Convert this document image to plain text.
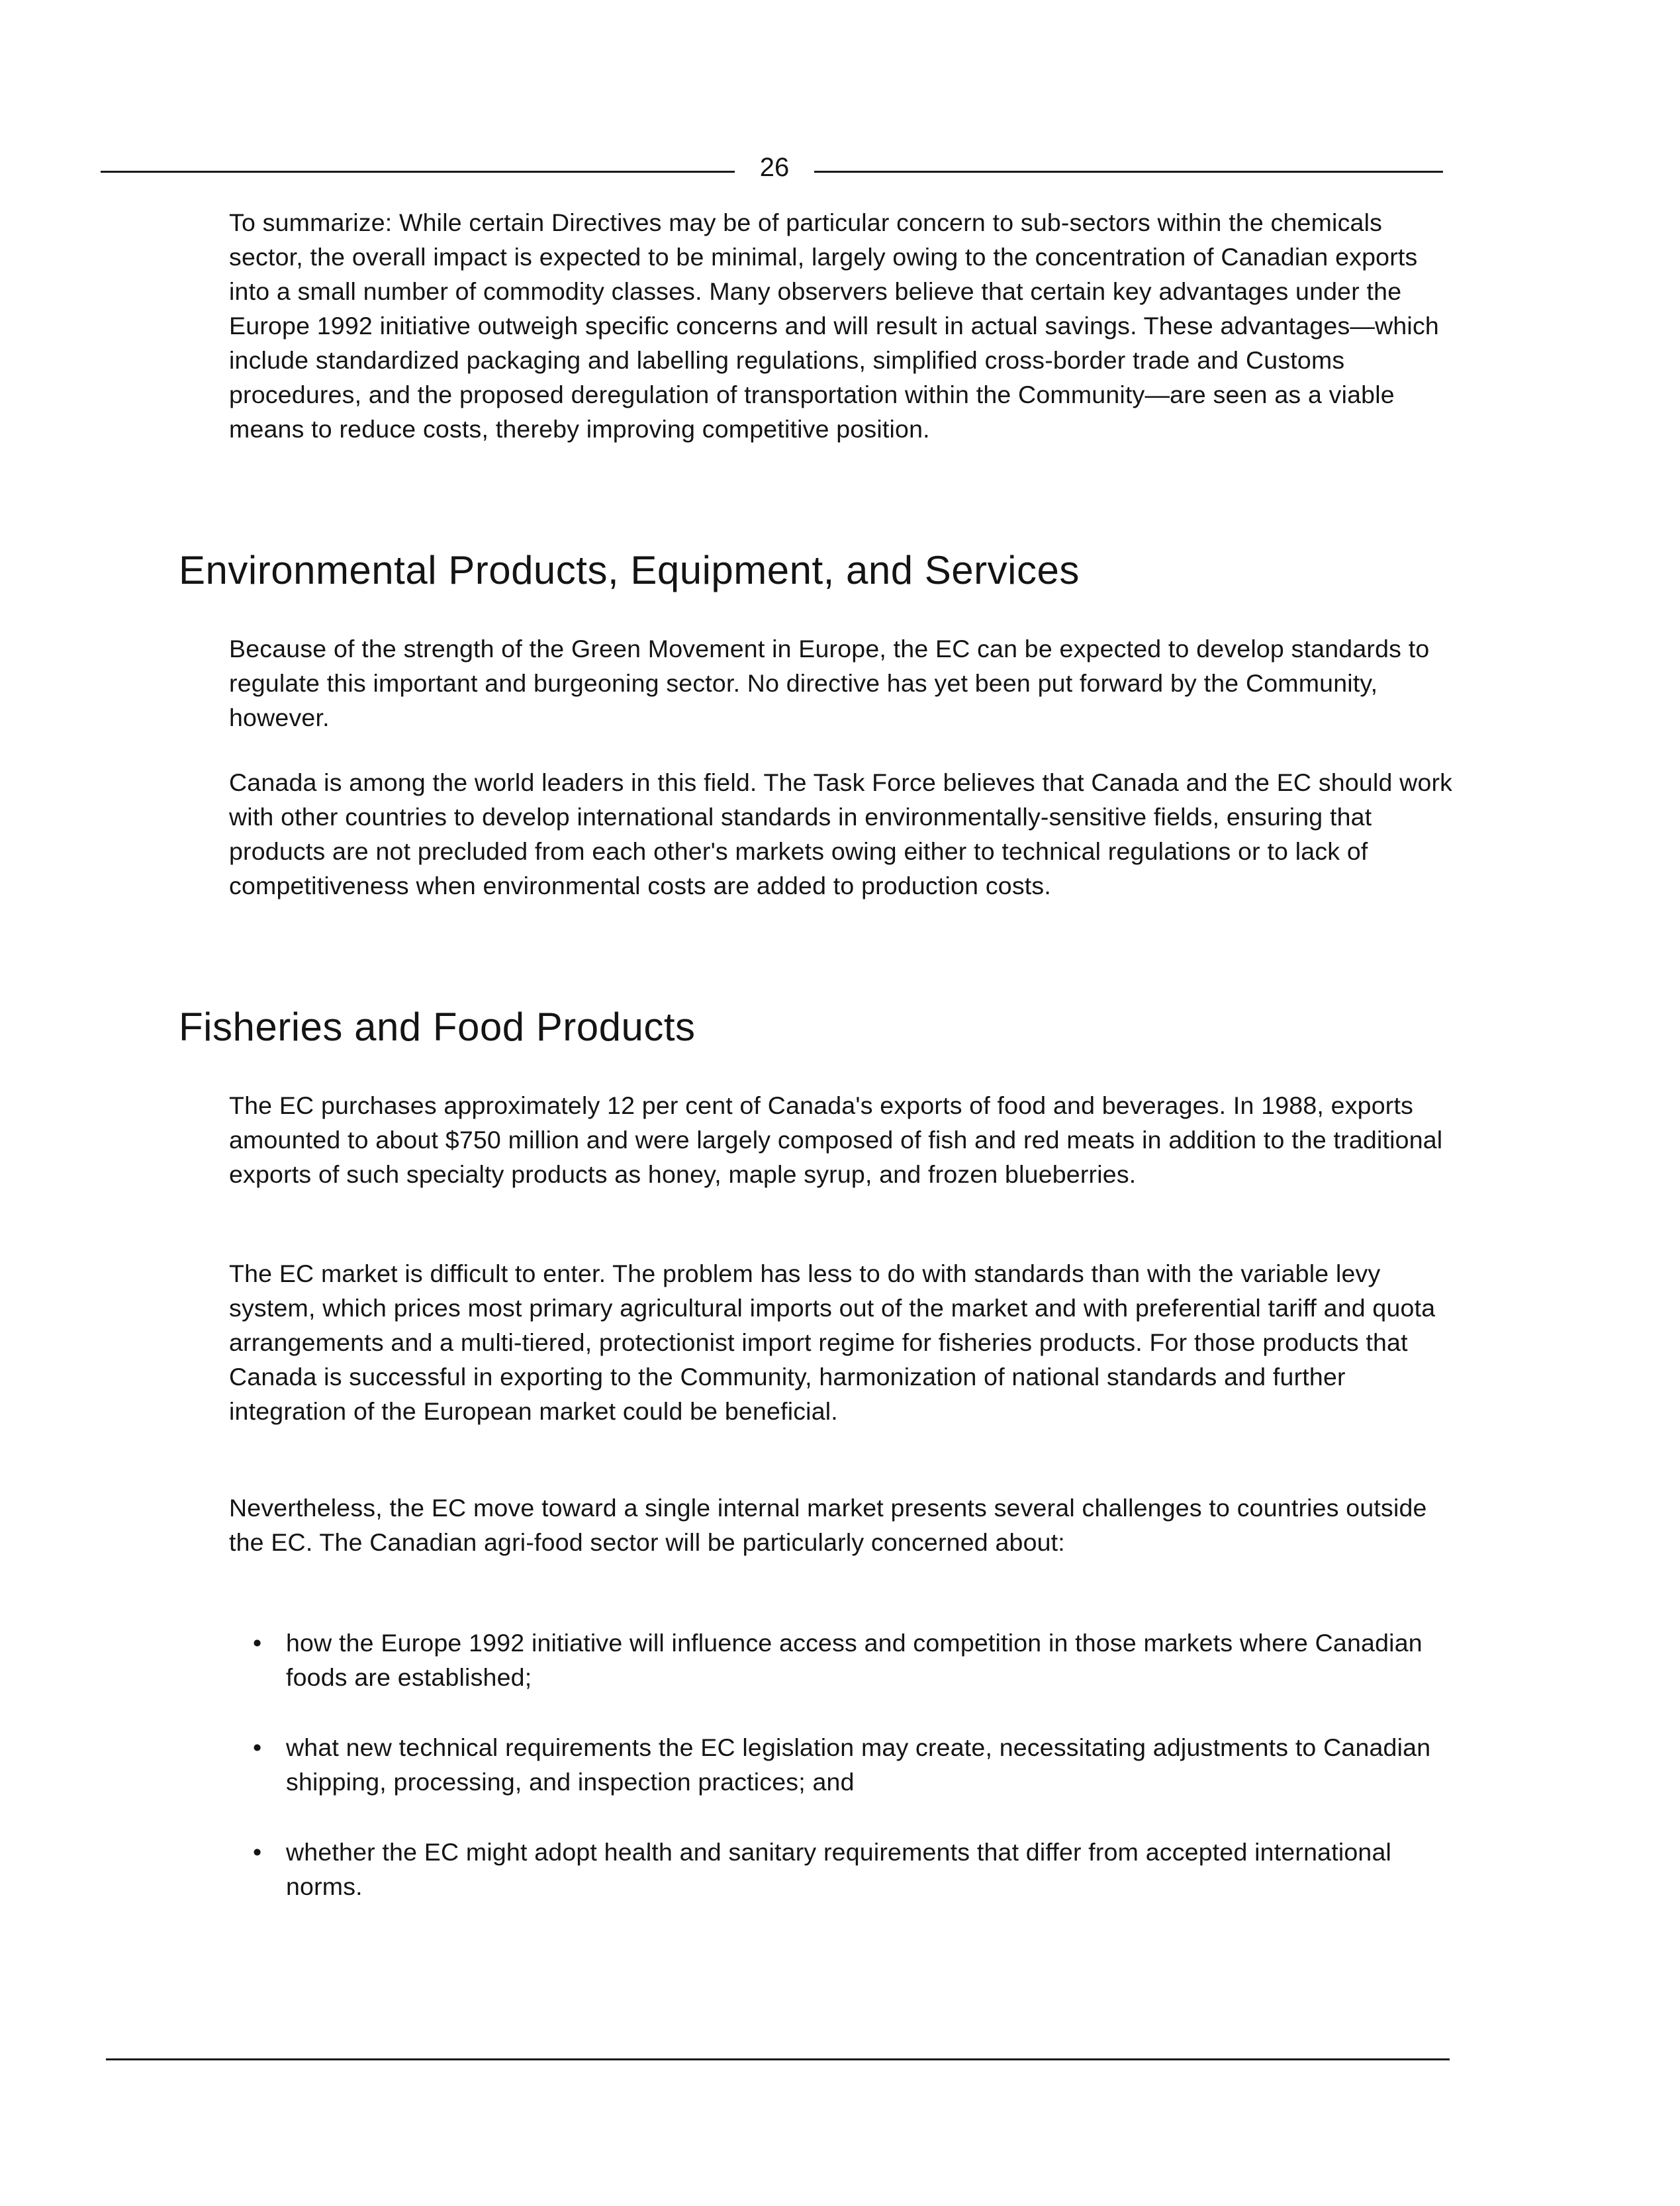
26

To summarize: While certain Directives may be of particular concern to sub-sectors within the chemicals sector, the overall impact is expected to be minimal, largely owing to the concentration of Canadian exports into a small number of commodity classes. Many observers believe that certain key advantages under the Europe 1992 initiative outweigh specific concerns and will result in actual savings. These advantages—which include standardized packaging and labelling regulations, simplified cross-border trade and Customs procedures, and the proposed deregulation of transportation within the Community—are seen as a viable means to reduce costs, thereby improving competitive position.

Environmental Products, Equipment, and Services

Because of the strength of the Green Movement in Europe, the EC can be expected to develop standards to regulate this important and burgeoning sector. No directive has yet been put forward by the Community, however.

Canada is among the world leaders in this field. The Task Force believes that Canada and the EC should work with other countries to develop international standards in environmentally-sensitive fields, ensuring that products are not precluded from each other's markets owing either to technical regulations or to lack of competitiveness when environmental costs are added to production costs.

Fisheries and Food Products

The EC purchases approximately 12 per cent of Canada's exports of food and beverages. In 1988, exports amounted to about $750 million and were largely composed of fish and red meats in addition to the traditional exports of such specialty products as honey, maple syrup, and frozen blueberries.

The EC market is difficult to enter. The problem has less to do with standards than with the variable levy system, which prices most primary agricultural imports out of the market and with preferential tariff and quota arrangements and a multi-tiered, protectionist import regime for fisheries products. For those products that Canada is successful in exporting to the Community, harmonization of national standards and further integration of the European market could be beneficial.

Nevertheless, the EC move toward a single internal market presents several challenges to countries outside the EC. The Canadian agri-food sector will be particularly concerned about:

• how the Europe 1992 initiative will influence access and competition in those markets where Canadian foods are established;
• what new technical requirements the EC legislation may create, necessitating adjustments to Canadian shipping, processing, and inspection practices; and
• whether the EC might adopt health and sanitary requirements that differ from accepted international norms.
